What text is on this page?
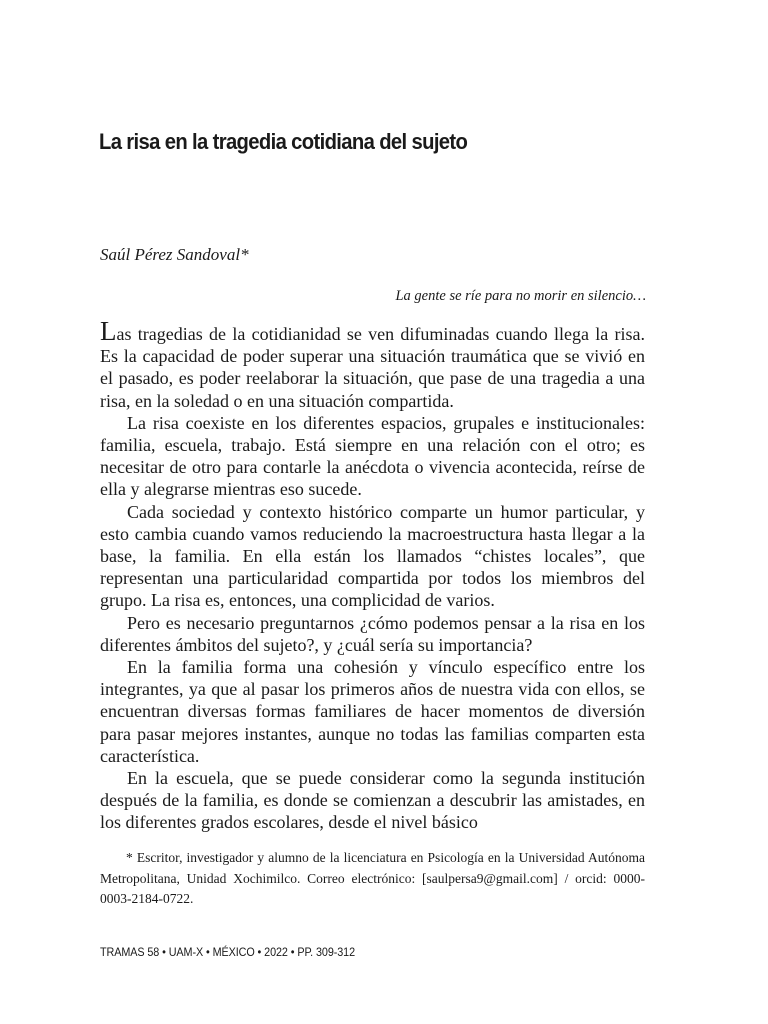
La risa en la tragedia cotidiana del sujeto
Saúl Pérez Sandoval*
La gente se ríe para no morir en silencio…

Las tragedias de la cotidianidad se ven difuminadas cuando llega la risa. Es la capacidad de poder superar una situación traumática que se vivió en el pasado, es poder reelaborar la situación, que pase de una tragedia a una risa, en la soledad o en una situación compartida.

La risa coexiste en los diferentes espacios, grupales e institucionales: familia, escuela, trabajo. Está siempre en una relación con el otro; es necesitar de otro para contarle la anécdota o vivencia acontecida, reírse de ella y alegrarse mientras eso sucede.

Cada sociedad y contexto histórico comparte un humor particular, y esto cambia cuando vamos reduciendo la macroestructura hasta llegar a la base, la familia. En ella están los llamados “chistes locales”, que representan una particularidad compartida por todos los miembros del grupo. La risa es, entonces, una complicidad de varios.

Pero es necesario preguntarnos ¿cómo podemos pensar a la risa en los diferentes ámbitos del sujeto?, y ¿cuál sería su importancia?

En la familia forma una cohesión y vínculo específico entre los integrantes, ya que al pasar los primeros años de nuestra vida con ellos, se encuentran diversas formas familiares de hacer momentos de diversión para pasar mejores instantes, aunque no todas las familias comparten esta característica.

En la escuela, que se puede considerar como la segunda institución después de la familia, es donde se comienzan a descubrir las amistades, en los diferentes grados escolares, desde el nivel básico

* Escritor, investigador y alumno de la licenciatura en Psicología en la Universidad Autónoma Metropolitana, Unidad Xochimilco. Correo electrónico: [saulpersa9@gmail.com] / orcid: 0000-0003-2184-0722.

TRAMAS 58 • UAM-X • MÉXICO • 2022 • PP. 309-312
